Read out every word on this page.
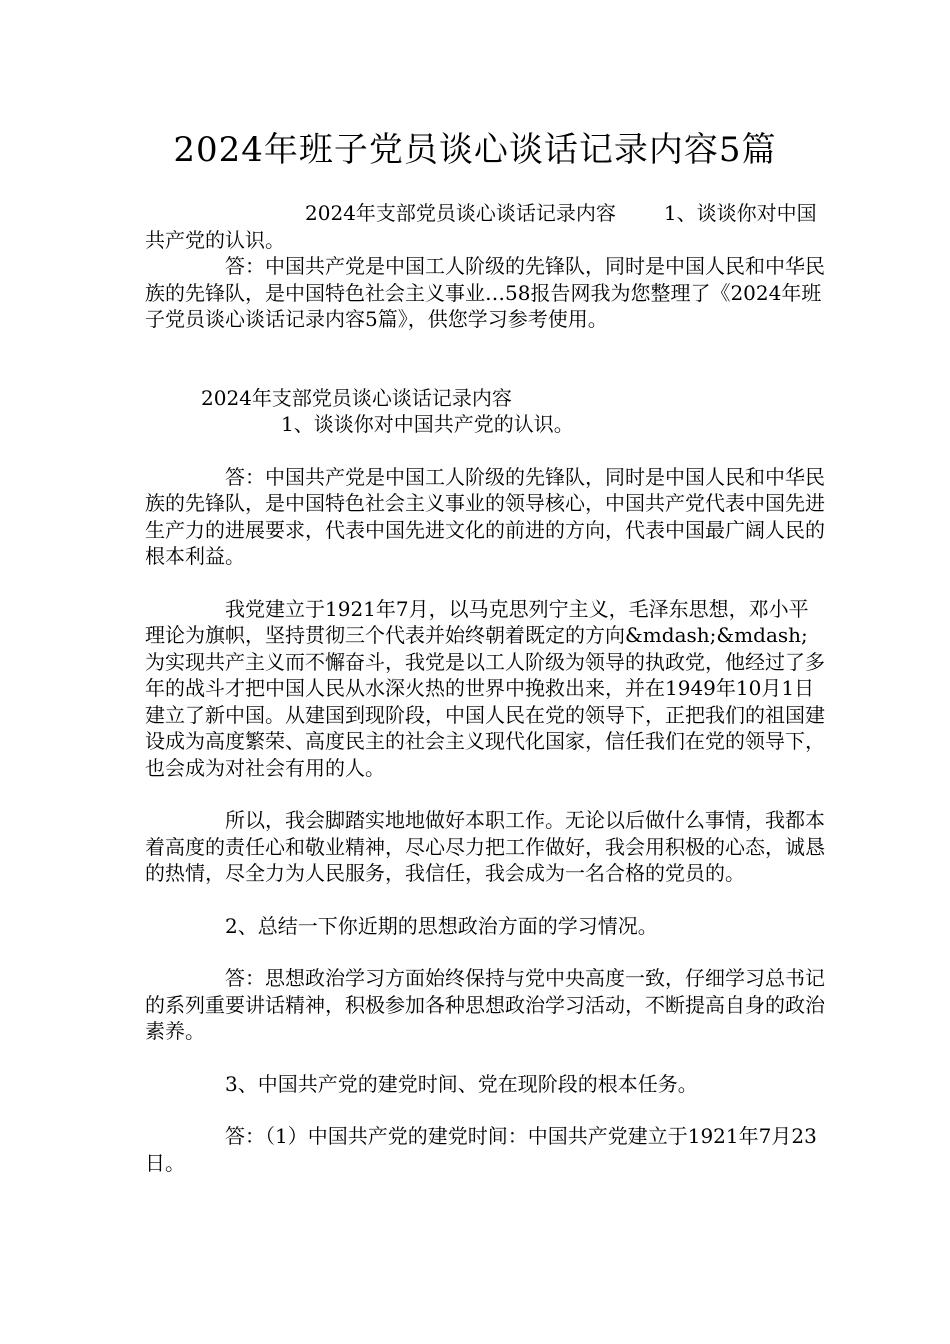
2024年班子党员谈心谈话记录内容5篇

2024年支部党员谈心谈话记录内容 1、谈谈你对中国共产党的认识。

答：中国共产党是中国工人阶级的先锋队，同时是中国人民和中华民族的先锋队，是中国特色社会主义事业…58报告网我为您整理了《2024年班子党员谈心谈话记录内容5篇》，供您学习参考使用。

2024年支部党员谈心谈话记录内容
1、谈谈你对中国共产党的认识。

答：中国共产党是中国工人阶级的先锋队，同时是中国人民和中华民族的先锋队，是中国特色社会主义事业的领导核心，中国共产党代表中国先进生产力的进展要求，代表中国先进文化的前进的方向，代表中国最广阔人民的根本利益。

我党建立于1921年7月，以马克思列宁主义，毛泽东思想，邓小平理论为旗帜，坚持贯彻三个代表并始终朝着既定的方向&mdash;&mdash;为实现共产主义而不懈奋斗，我党是以工人阶级为领导的执政党，他经过了多年的战斗才把中国人民从水深火热的世界中挽救出来，并在1949年10月1日建立了新中国。从建国到现阶段，中国人民在党的领导下，正把我们的祖国建设成为高度繁荣、高度民主的社会主义现代化国家，信任我们在党的领导下，也会成为对社会有用的人。

所以，我会脚踏实地地做好本职工作。无论以后做什么事情，我都本着高度的责任心和敬业精神，尽心尽力把工作做好，我会用积极的心态，诚恳的热情，尽全力为人民服务，我信任，我会成为一名合格的党员的。

2、总结一下你近期的思想政治方面的学习情况。

答：思想政治学习方面始终保持与党中央高度一致，仔细学习总书记的系列重要讲话精神，积极参加各种思想政治学习活动，不断提高自身的政治素养。

3、中国共产党的建党时间、党在现阶段的根本任务。

答：（1）中国共产党的建党时间：中国共产党建立于1921年7月23日。
